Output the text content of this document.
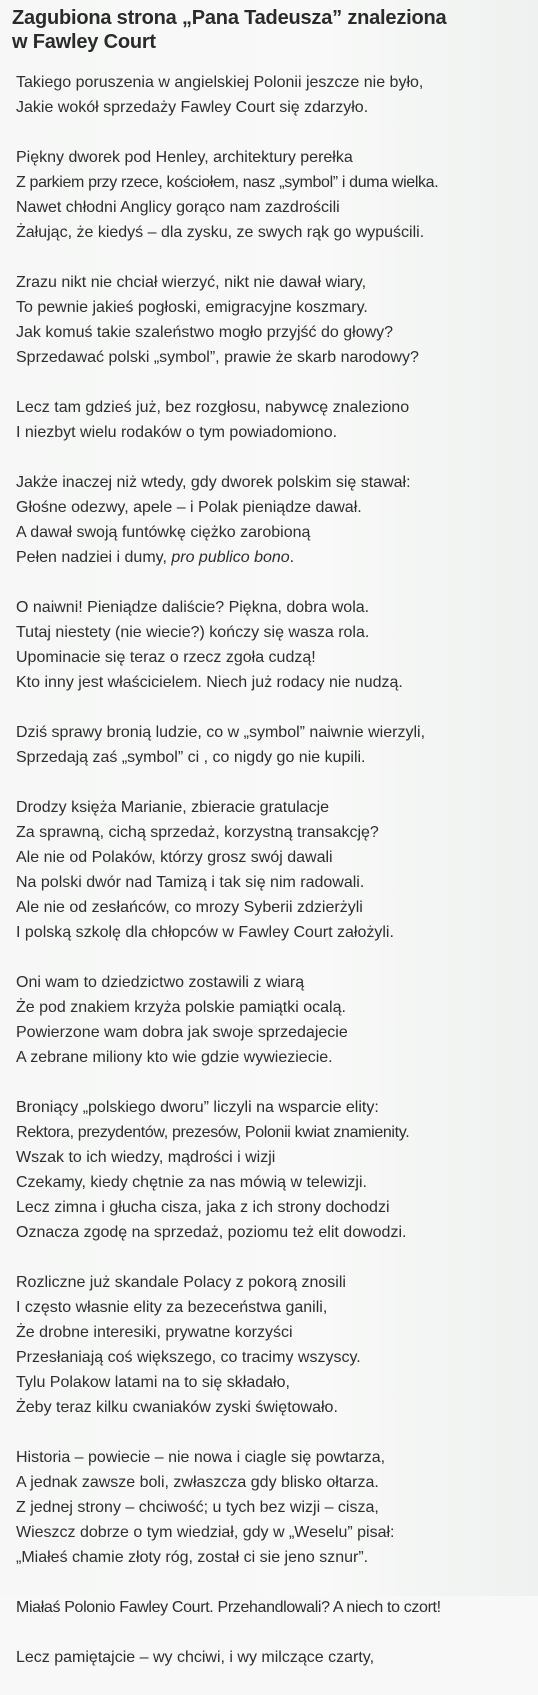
Zagubiona strona „Pana Tadeusza” znaleziona
w Fawley Court
Takiego poruszenia w angielskiej Polonii jeszcze nie było,
Jakie wokół sprzedaży Fawley Court się zdarzyło.
Piękny dworek pod Henley, architektury perełka
Z parkiem przy rzece, kościołem, nasz „symbol” i duma wielka.
Nawet chłodni Anglicy gorąco nam zazdrościli
Żałując, że kiedyś – dla zysku, ze swych rąk go wypuścili.
Zrazu nikt nie chciał wierzyć, nikt nie dawał wiary,
To pewnie jakieś pogłoski, emigracyjne koszmary.
Jak komuś takie szaleństwo mogło przyjść do głowy?
Sprzedawać polski „symbol”, prawie że skarb narodowy?
Lecz tam gdzieś już, bez rozgłosu, nabywcę znaleziono
I niezbyt wielu rodaków o tym powiadomiono.
Jakże inaczej niż wtedy, gdy dworek polskim się stawał:
Głośne odezwy, apele – i Polak pieniądze dawał.
A dawał swoją funtówkę ciężko zarobioną
Pełen nadziei i dumy, pro publico bono.
O naiwni! Pieniądze daliście? Piękna, dobra wola.
Tutaj niestety (nie wiecie?) kończy się wasza rola.
Upominacie się teraz o rzecz zgoła cudzą!
Kto inny jest właścicielem. Niech już rodacy nie nudzą.
Dziś sprawy bronią ludzie, co w „symbol” naiwnie wierzyli,
Sprzedają zaś „symbol” ci , co nigdy go nie kupili.
Drodzy księża Marianie, zbieracie gratulacje
Za sprawną, cichą sprzedaż, korzystną transakcję?
Ale nie od Polaków, którzy grosz swój dawali
Na polski dwór nad Tamizą i tak się nim radowali.
Ale nie od zesłańców, co mrozy Syberii zdzierżyli
I polską szkolę dla chłopców w Fawley Court założyli.
Oni wam to dziedzictwo zostawili z wiarą
Że pod znakiem krzyża polskie pamiątki ocalą.
Powierzone wam dobra jak swoje sprzedajecie
A zebrane miliony kto wie gdzie wywieziecie.
Broniący „polskiego dworu” liczyli na wsparcie elity:
Rektora, prezydentów, prezesów, Polonii kwiat znamienity.
Wszak to ich wiedzy, mądrości i wizji
Czekamy, kiedy chętnie za nas mówią w telewizji.
Lecz zimna i głucha cisza, jaka z ich strony dochodzi
Oznacza zgodę na sprzedaż, poziomu też elit dowodzi.
Rozliczne już skandale Polacy z pokorą znosili
I często własnie elity za bezeceństwa ganili,
Że drobne interesiki, prywatne korzyści
Przesłaniają coś większego, co tracimy wszyscy.
Tylu Polakow latami na to się składało,
Żeby teraz kilku cwaniaków zyski świętowało.
Historia – powiecie – nie nowa i ciagle się powtarza,
A jednak zawsze boli, zwłaszcza gdy blisko ołtarza.
Z jednej strony – chciwość; u tych bez wizji – cisza,
Wieszcz dobrze o tym wiedział, gdy w „Weselu” pisał:
„Miałeś chamie złoty róg, został ci sie jeno sznur”.
Miałaś Polonio Fawley Court. Przehandlowali? A niech to czort!
Lecz pamiętajcie – wy chciwi, i wy milczące czarty,
